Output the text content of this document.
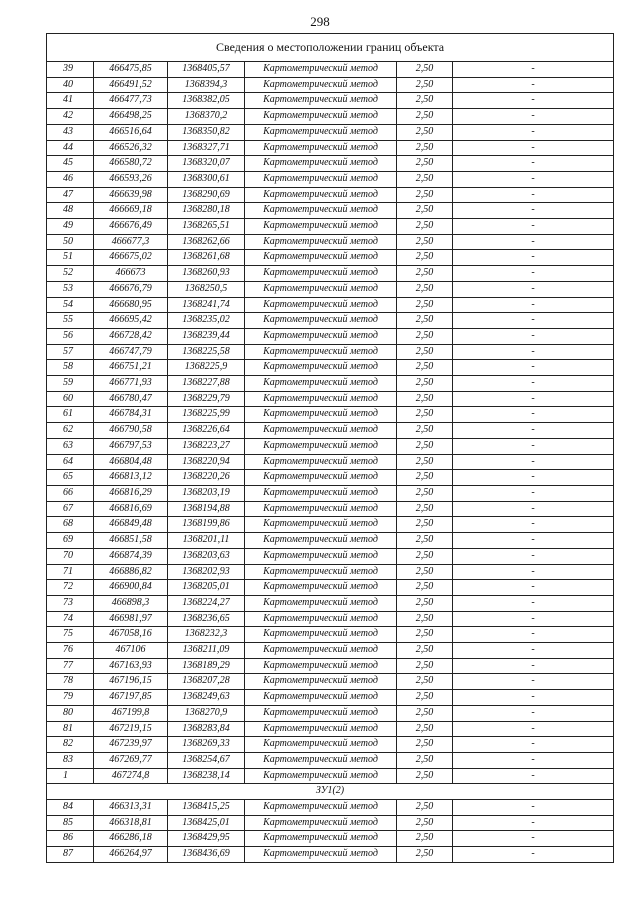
298
Сведения о местоположении границ объекта					
39	466475,85	1368405,57	Картометрический метод	2,50	-
40	466491,52	1368394,3	Картометрический метод	2,50	-
41	466477,73	1368382,05	Картометрический метод	2,50	-
42	466498,25	1368370,2	Картометрический метод	2,50	-
43	466516,64	1368350,82	Картометрический метод	2,50	-
44	466526,32	1368327,71	Картометрический метод	2,50	-
45	466580,72	1368320,07	Картометрический метод	2,50	-
46	466593,26	1368300,61	Картометрический метод	2,50	-
47	466639,98	1368290,69	Картометрический метод	2,50	-
48	466669,18	1368280,18	Картометрический метод	2,50	-
49	466676,49	1368265,51	Картометрический метод	2,50	-
50	466677,3	1368262,66	Картометрический метод	2,50	-
51	466675,02	1368261,68	Картометрический метод	2,50	-
52	466673	1368260,93	Картометрический метод	2,50	-
53	466676,79	1368250,5	Картометрический метод	2,50	-
54	466680,95	1368241,74	Картометрический метод	2,50	-
55	466695,42	1368235,02	Картометрический метод	2,50	-
56	466728,42	1368239,44	Картометрический метод	2,50	-
57	466747,79	1368225,58	Картометрический метод	2,50	-
58	466751,21	1368225,9	Картометрический метод	2,50	-
59	466771,93	1368227,88	Картометрический метод	2,50	-
60	466780,47	1368229,79	Картометрический метод	2,50	-
61	466784,31	1368225,99	Картометрический метод	2,50	-
62	466790,58	1368226,64	Картометрический метод	2,50	-
63	466797,53	1368223,27	Картометрический метод	2,50	-
64	466804,48	1368220,94	Картометрический метод	2,50	-
65	466813,12	1368220,26	Картометрический метод	2,50	-
66	466816,29	1368203,19	Картометрический метод	2,50	-
67	466816,69	1368194,88	Картометрический метод	2,50	-
68	466849,48	1368199,86	Картометрический метод	2,50	-
69	466851,58	1368201,11	Картометрический метод	2,50	-
70	466874,39	1368203,63	Картометрический метод	2,50	-
71	466886,82	1368202,93	Картометрический метод	2,50	-
72	466900,84	1368205,01	Картометрический метод	2,50	-
73	466898,3	1368224,27	Картометрический метод	2,50	-
74	466981,97	1368236,65	Картометрический метод	2,50	-
75	467058,16	1368232,3	Картометрический метод	2,50	-
76	467106	1368211,09	Картометрический метод	2,50	-
77	467163,93	1368189,29	Картометрический метод	2,50	-
78	467196,15	1368207,28	Картометрический метод	2,50	-
79	467197,85	1368249,63	Картометрический метод	2,50	-
80	467199,8	1368270,9	Картометрический метод	2,50	-
81	467219,15	1368283,84	Картометрический метод	2,50	-
82	467239,97	1368269,33	Картометрический метод	2,50	-
83	467269,77	1368254,67	Картометрический метод	2,50	-
1	467274,8	1368238,14	Картометрический метод	2,50	-
ЗУ1(2)					
84	466313,31	1368415,25	Картометрический метод	2,50	-
85	466318,81	1368425,01	Картометрический метод	2,50	-
86	466286,18	1368429,95	Картометрический метод	2,50	-
87	466264,97	1368436,69	Картометрический метод	2,50	-
